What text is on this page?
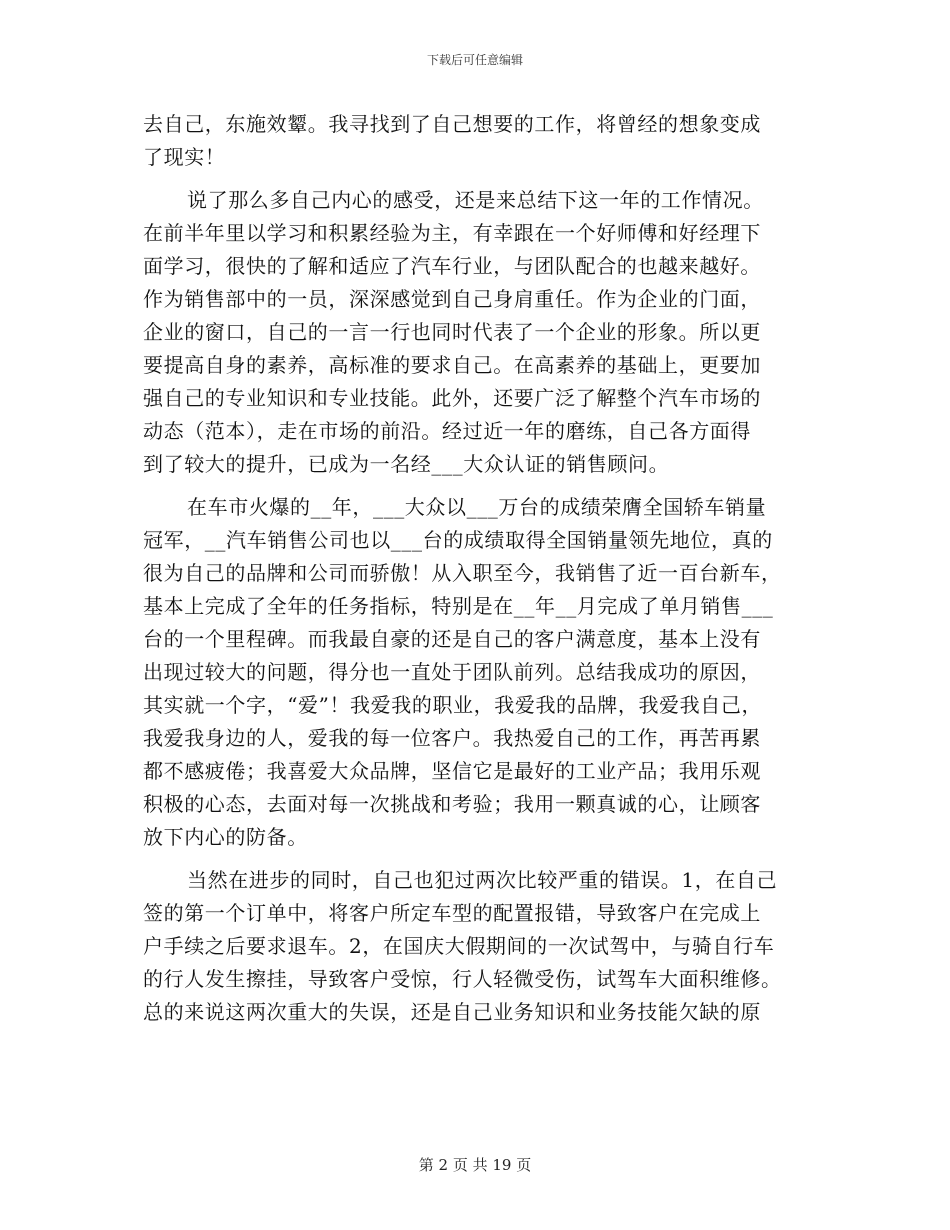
下载后可任意编辑
去自己，东施效颦。我寻找到了自己想要的工作，将曾经的想象变成
了现实！
说了那么多自己内心的感受，还是来总结下这一年的工作情况。
在前半年里以学习和积累经验为主，有幸跟在一个好师傅和好经理下
面学习，很快的了解和适应了汽车行业，与团队配合的也越来越好。
作为销售部中的一员，深深感觉到自己身肩重任。作为企业的门面，
企业的窗口，自己的一言一行也同时代表了一个企业的形象。所以更
要提高自身的素养，高标准的要求自己。在高素养的基础上，更要加
强自己的专业知识和专业技能。此外，还要广泛了解整个汽车市场的
动态（范本），走在市场的前沿。经过近一年的磨练，自己各方面得
到了较大的提升，已成为一名经___大众认证的销售顾问。
在车市火爆的__年，___大众以___万台的成绩荣膺全国轿车销量
冠军，__汽车销售公司也以___台的成绩取得全国销量领先地位，真的
很为自己的品牌和公司而骄傲！从入职至今，我销售了近一百台新车，
基本上完成了全年的任务指标，特别是在__年__月完成了单月销售___
台的一个里程碑。而我最自豪的还是自己的客户满意度，基本上没有
出现过较大的问题，得分也一直处于团队前列。总结我成功的原因，
其实就一个字，“爱”！我爱我的职业，我爱我的品牌，我爱我自己，
我爱我身边的人，爱我的每一位客户。我热爱自己的工作，再苦再累
都不感疲倦；我喜爱大众品牌，坚信它是最好的工业产品；我用乐观
积极的心态，去面对每一次挑战和考验；我用一颗真诚的心，让顾客
放下内心的防备。
当然在进步的同时，自己也犯过两次比较严重的错误。1，在自己
签的第一个订单中，将客户所定车型的配置报错，导致客户在完成上
户手续之后要求退车。2，在国庆大假期间的一次试驾中，与骑自行车
的行人发生擦挂，导致客户受惊，行人轻微受伤，试驾车大面积维修。
总的来说这两次重大的失误，还是自己业务知识和业务技能欠缺的原
第 2 页 共 19 页
